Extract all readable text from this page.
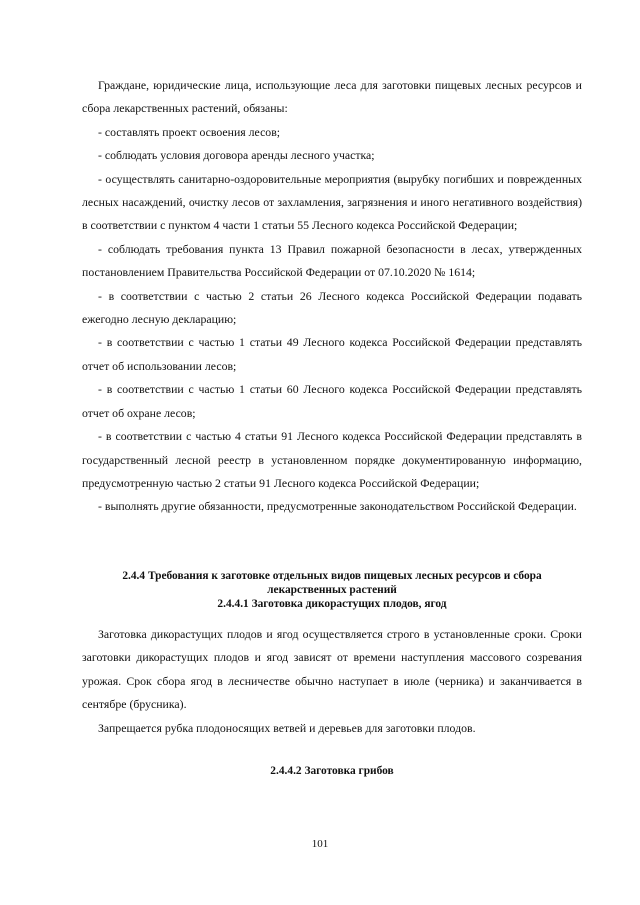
Граждане, юридические лица, использующие леса для заготовки пищевых лесных ресурсов и сбора лекарственных растений, обязаны:

- составлять проект освоения лесов;

- соблюдать условия договора аренды лесного участка;

- осуществлять санитарно-оздоровительные мероприятия (вырубку погибших и поврежденных лесных насаждений, очистку лесов от захламления, загрязнения и иного негативного воздействия) в соответствии с пунктом 4 части 1 статьи 55 Лесного кодекса Российской Федерации;

- соблюдать требования пункта 13 Правил пожарной безопасности в лесах, утвержденных постановлением Правительства Российской Федерации от 07.10.2020 № 1614;

- в соответствии с частью 2 статьи 26 Лесного кодекса Российской Федерации подавать ежегодно лесную декларацию;

- в соответствии с частью 1 статьи 49 Лесного кодекса Российской Федерации представлять отчет об использовании лесов;

- в соответствии с частью 1 статьи 60 Лесного кодекса Российской Федерации представлять отчет об охране лесов;

- в соответствии с частью 4 статьи 91 Лесного кодекса Российской Федерации представлять в государственный лесной реестр в установленном порядке документированную информацию, предусмотренную частью 2 статьи 91 Лесного кодекса Российской Федерации;

- выполнять другие обязанности, предусмотренные законодательством Российской Федерации.

2.4.4 Требования к заготовке отдельных видов пищевых лесных ресурсов и сбора лекарственных растений

2.4.4.1 Заготовка дикорастущих плодов, ягод

Заготовка дикорастущих плодов и ягод осуществляется строго в установленные сроки. Сроки заготовки дикорастущих плодов и ягод зависят от времени наступления массового созревания урожая. Срок сбора ягод в лесничестве обычно наступает в июле (черника) и заканчивается в сентябре (брусника).

Запрещается рубка плодоносящих ветвей и деревьев для заготовки плодов.

2.4.4.2 Заготовка грибов

101
